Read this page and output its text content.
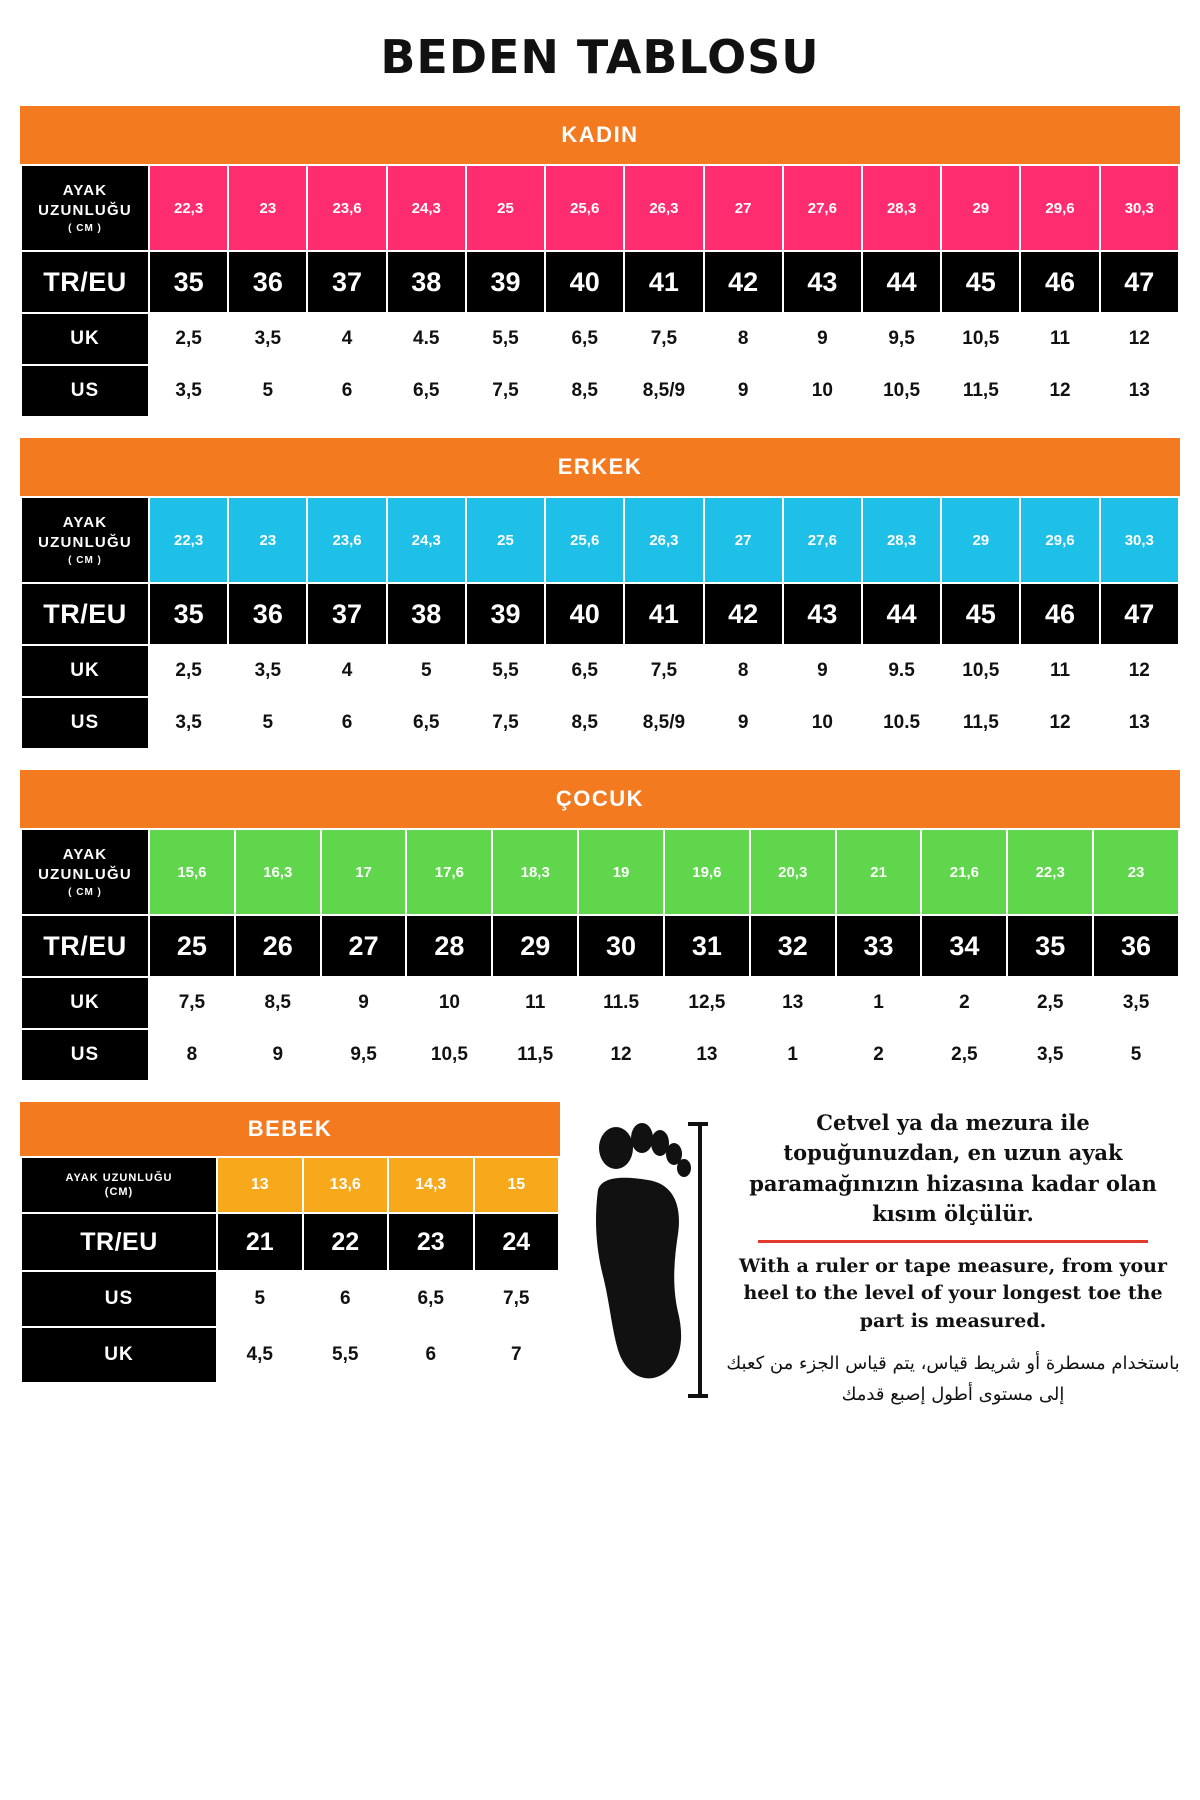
BEDEN TABLOSU
KADIN
AYAK
UZUNLUĞU
( CM )	22,3	23	23,6	24,3	25	25,6	26,3	27	27,6	28,3	29	29,6	30,3
TR/EU	35	36	37	38	39	40	41	42	43	44	45	46	47
UK	2,5	3,5	4	4.5	5,5	6,5	7,5	8	9	9,5	10,5	11	12
US	3,5	5	6	6,5	7,5	8,5	8,5/9	9	10	10,5	11,5	12	13
ERKEK
AYAK
UZUNLUĞU
( CM )	22,3	23	23,6	24,3	25	25,6	26,3	27	27,6	28,3	29	29,6	30,3
TR/EU	35	36	37	38	39	40	41	42	43	44	45	46	47
UK	2,5	3,5	4	5	5,5	6,5	7,5	8	9	9.5	10,5	11	12
US	3,5	5	6	6,5	7,5	8,5	8,5/9	9	10	10.5	11,5	12	13
ÇOCUK
AYAK
UZUNLUĞU
( CM )	15,6	16,3	17	17,6	18,3	19	19,6	20,3	21	21,6	22,3	23
TR/EU	25	26	27	28	29	30	31	32	33	34	35	36
UK	7,5	8,5	9	10	11	11.5	12,5	13	1	2	2,5	3,5
US	8	9	9,5	10,5	11,5	12	13	1	2	2,5	3,5	5
BEBEK
AYAK UZUNLUĞU
(CM)	13	13,6	14,3	15
TR/EU	21	22	23	24
US	5	6	6,5	7,5
UK	4,5	5,5	6	7
Cetvel ya da mezura ile topuğunuzdan, en uzun ayak paramağınızın hizasına kadar olan kısım ölçülür.
With a ruler or tape measure, from your heel to the level of your longest toe the part is measured.
باستخدام مسطرة أو شريط قياس، يتم قياس الجزء من كعبك إلى مستوى أطول إصبع قدمك
